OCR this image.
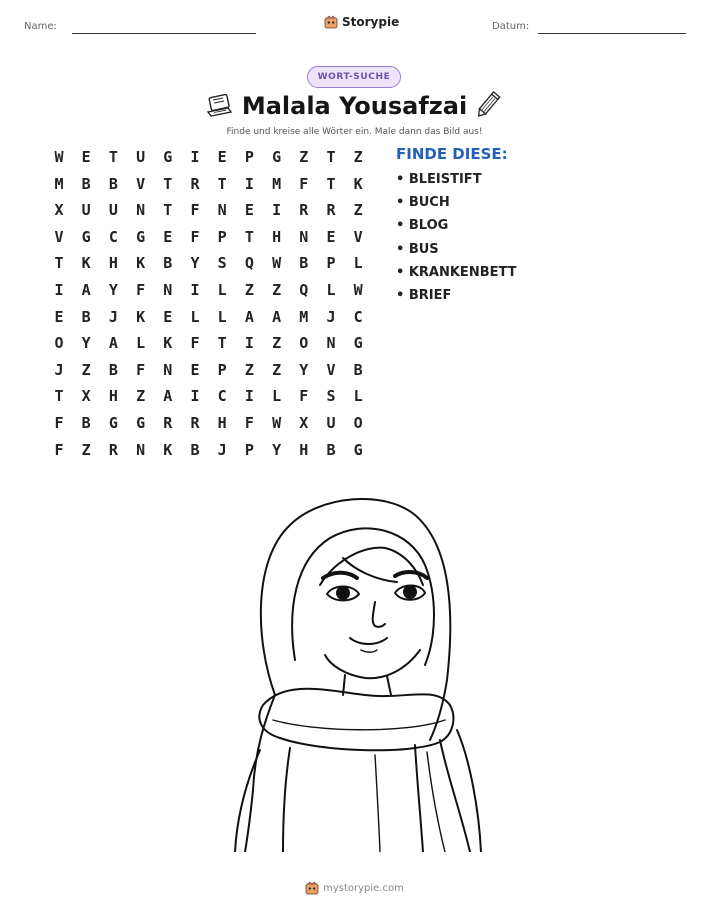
Name:	Storypie	Datum:
WORT-SUCHE
Malala Yousafzai
Finde und kreise alle Wörter ein. Male dann das Bild aus!
W	E	T	U	G	I	E	P	G	Z	T	Z
M	B	B	V	T	R	T	I	M	F	T	K
X	U	U	N	T	F	N	E	I	R	R	Z
V	G	C	G	E	F	P	T	H	N	E	V
T	K	H	K	B	Y	S	Q	W	B	P	L
I	A	Y	F	N	I	L	Z	Z	Q	L	W
E	B	J	K	E	L	L	A	A	M	J	C
O	Y	A	L	K	F	T	I	Z	O	N	G
J	Z	B	F	N	E	P	Z	Z	Y	V	B
T	X	H	Z	A	I	C	I	L	F	S	L
F	B	G	G	R	R	H	F	W	X	U	O
F	Z	R	N	K	B	J	P	Y	H	B	G
FINDE DIESE:
• BLEISTIFT
• BUCH
• BLOG
• BUS
• KRANKENBETT
• BRIEF
mystorypie.com
